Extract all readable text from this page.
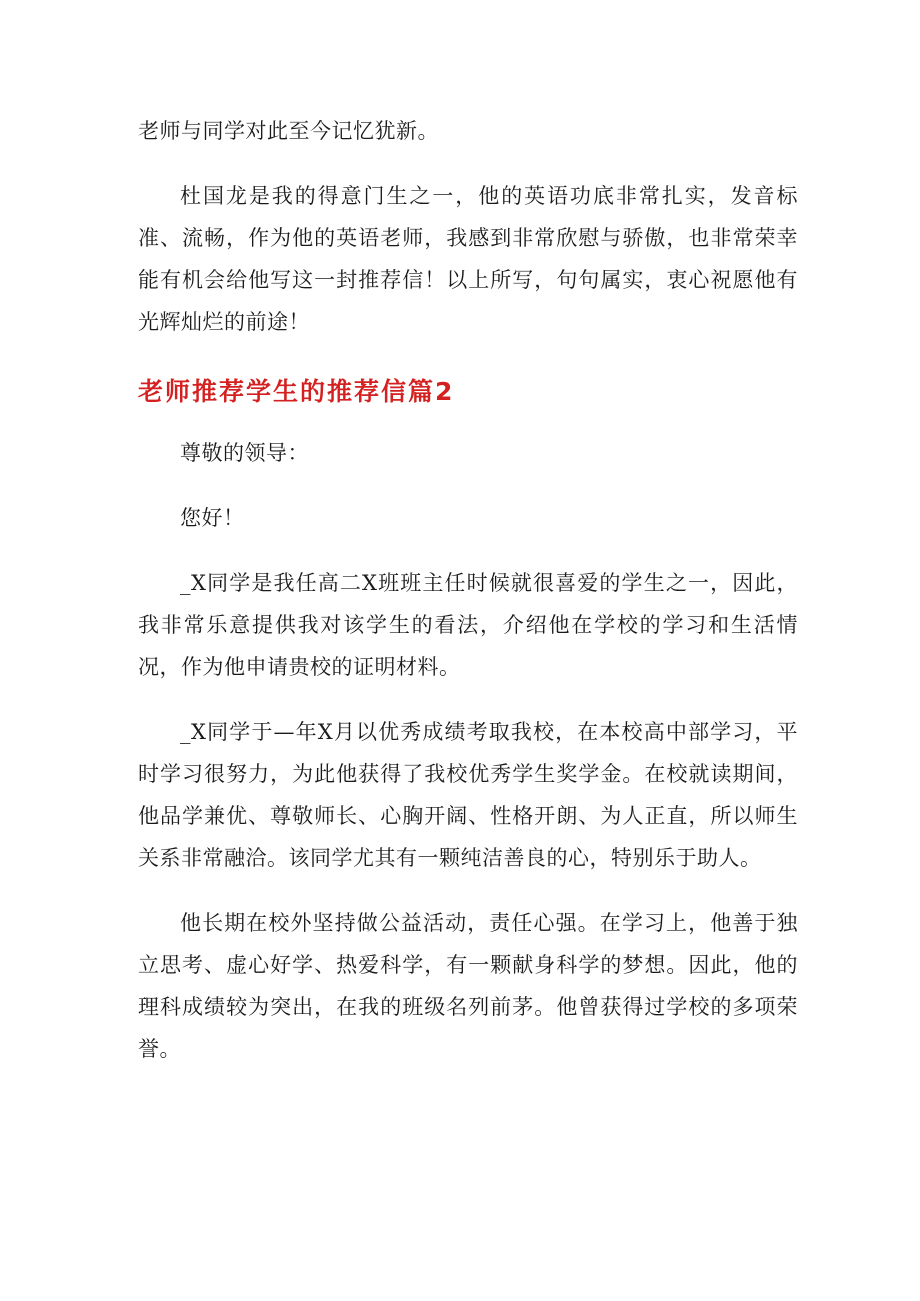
老师与同学对此至今记忆犹新。

杜国龙是我的得意门生之一，他的英语功底非常扎实，发音标准、流畅，作为他的英语老师，我感到非常欣慰与骄傲，也非常荣幸能有机会给他写这一封推荐信！以上所写，句句属实，衷心祝愿他有光辉灿烂的前途！

老师推荐学生的推荐信篇2

尊敬的领导：

您好！

_X同学是我任高二X班班主任时候就很喜爱的学生之一，因此，我非常乐意提供我对该学生的看法，介绍他在学校的学习和生活情况，作为他申请贵校的证明材料。

_X同学于—年X月以优秀成绩考取我校，在本校高中部学习，平时学习很努力，为此他获得了我校优秀学生奖学金。在校就读期间，他品学兼优、尊敬师长、心胸开阔、性格开朗、为人正直，所以师生关系非常融洽。该同学尤其有一颗纯洁善良的心，特别乐于助人。

他长期在校外坚持做公益活动，责任心强。在学习上，他善于独立思考、虚心好学、热爱科学，有一颗献身科学的梦想。因此，他的理科成绩较为突出，在我的班级名列前茅。他曾获得过学校的多项荣誉。
